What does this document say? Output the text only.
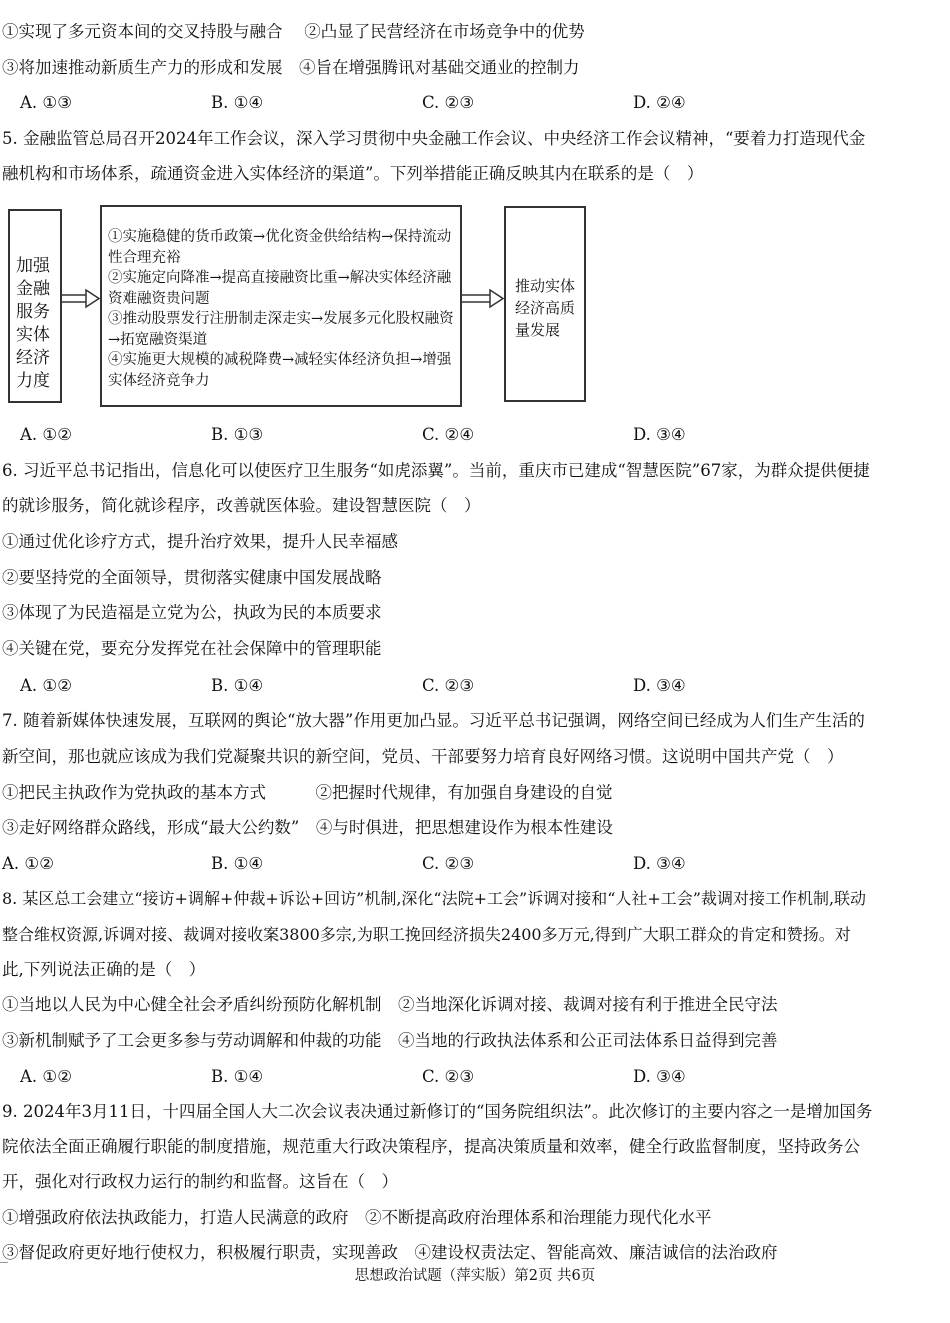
①实现了多元资本间的交叉持股与融合　 ②凸显了民营经济在市场竞争中的优势
③将加速推动新质生产力的形成和发展　④旨在增强腾讯对基础交通业的控制力
A. ①③	B. ①④	C. ②③	D. ②④
5. 金融监管总局召开2024年工作会议，深入学习贯彻中央金融工作会议、中央经济工作会议精神，“要着力打造现代金
融机构和市场体系，疏通资金进入实体经济的渠道”。下列举措能正确反映其内在联系的是（　）
加强金融服务实体经济力度
①实施稳健的货币政策→优化资金供给结构→保持流动性合理充裕
②实施定向降准→提高直接融资比重→解决实体经济融资难融资贵问题
③推动股票发行注册制走深走实→发展多元化股权融资→拓宽融资渠道
④实施更大规模的减税降费→减轻实体经济负担→增强实体经济竞争力
推动实体经济高质量发展
A. ①②	B. ①③	C. ②④	D. ③④
6. 习近平总书记指出，信息化可以使医疗卫生服务“如虎添翼”。当前，重庆市已建成“智慧医院”67家，为群众提供便捷
的就诊服务，简化就诊程序，改善就医体验。建设智慧医院（　）
①通过优化诊疗方式，提升治疗效果，提升人民幸福感
②要坚持党的全面领导，贯彻落实健康中国发展战略
③体现了为民造福是立党为公，执政为民的本质要求
④关键在党，要充分发挥党在社会保障中的管理职能
A. ①②	B. ①④	C. ②③	D. ③④
7. 随着新媒体快速发展，互联网的舆论“放大器”作用更加凸显。习近平总书记强调，网络空间已经成为人们生产生活的
新空间，那也就应该成为我们党凝聚共识的新空间，党员、干部要努力培育良好网络习惯。这说明中国共产党（　）
①把民主执政作为党执政的基本方式　　　②把握时代规律，有加强自身建设的自觉
③走好网络群众路线，形成“最大公约数”　④与时俱进，把思想建设作为根本性建设
A. ①②	B. ①④	C. ②③	D. ③④
8. 某区总工会建立“接访+调解+仲裁+诉讼+回访”机制,深化“法院+工会”诉调对接和“人社+工会”裁调对接工作机制,联动
整合维权资源,诉调对接、裁调对接收案3800多宗,为职工挽回经济损失2400多万元,得到广大职工群众的肯定和赞扬。对
此,下列说法正确的是（　）
①当地以人民为中心健全社会矛盾纠纷预防化解机制　②当地深化诉调对接、裁调对接有利于推进全民守法
③新机制赋予了工会更多参与劳动调解和仲裁的功能　④当地的行政执法体系和公正司法体系日益得到完善
A. ①②	B. ①④	C. ②③	D. ③④
9. 2024年3月11日，十四届全国人大二次会议表决通过新修订的“国务院组织法”。此次修订的主要内容之一是增加国务
院依法全面正确履行职能的制度措施，规范重大行政决策程序，提高决策质量和效率，健全行政监督制度，坚持政务公
开，强化对行政权力运行的制约和监督。这旨在（　）
①增强政府依法执政能力，打造人民满意的政府　②不断提高政府治理体系和治理能力现代化水平
③督促政府更好地行使权力，积极履行职责，实现善政　④建设权责法定、智能高效、廉洁诚信的法治政府
思想政治试题（萍实版）第2页 共6页
